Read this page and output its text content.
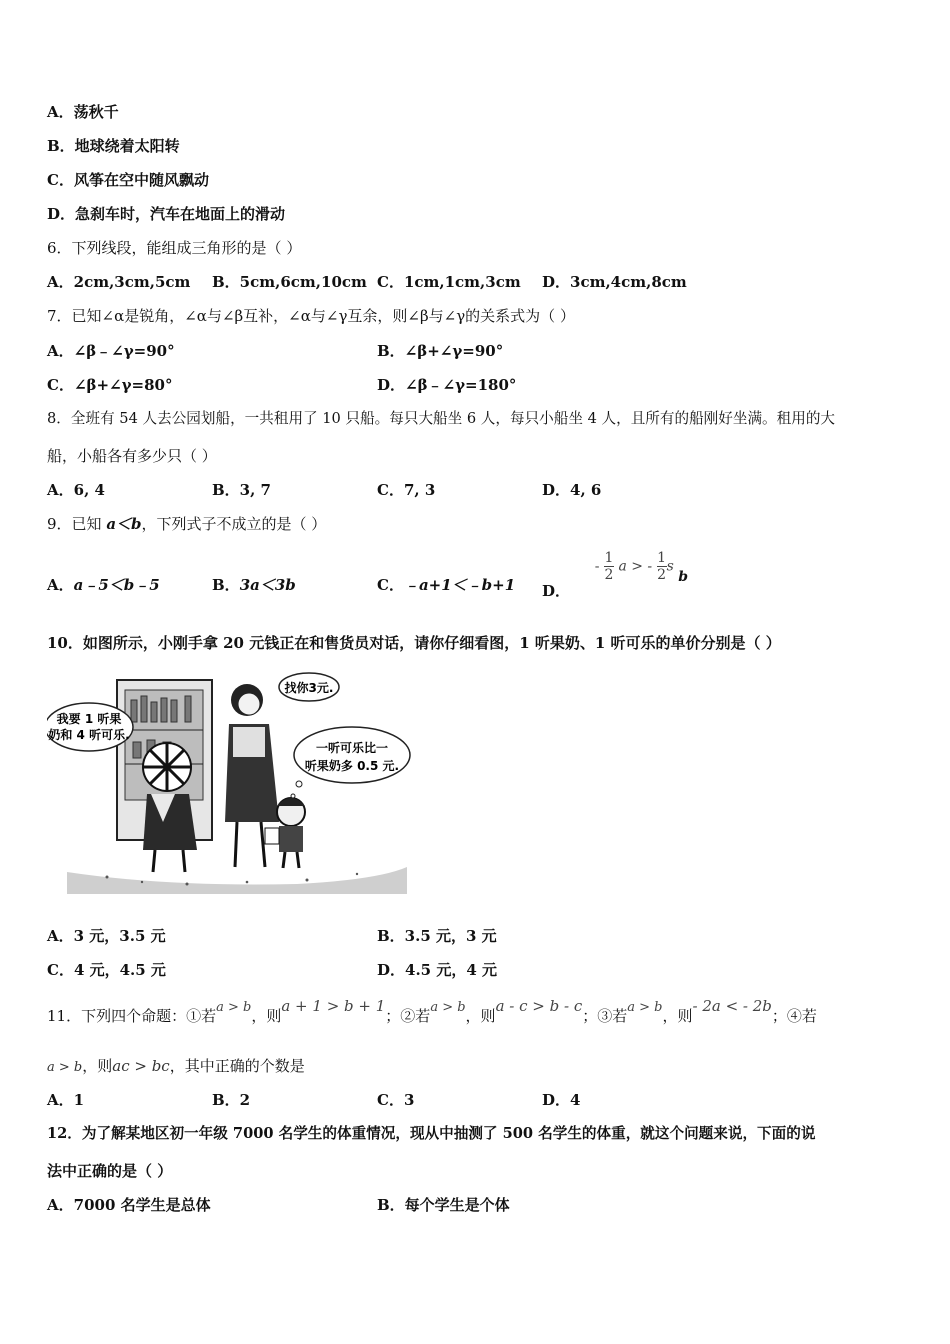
A．荡秋千
B．地球绕着太阳转
C．风筝在空中随风飘动
D．急刹车时，汽车在地面上的滑动
6．下列线段，能组成三角形的是（ ）
A．2cm,3cm,5cm B．5cm,6cm,10cm C．1cm,1cm,3cm D．3cm,4cm,8cm
7．已知∠α是锐角，∠α与∠β互补，∠α与∠γ互余，则∠β与∠γ的关系式为（ ）
A．∠β﹣∠γ=90°	B．∠β+∠γ=90°
C．∠β+∠γ=80°	D．∠β﹣∠γ=180°
8．全班有 54 人去公园划船，一共租用了 10 只船。每只大船坐 6 人，每只小船坐 4 人，且所有的船刚好坐满。租用的大
船，小船各有多少只（ ）
A．6, 4	B．3, 7	C．7, 3	D．4, 6
9．已知 a＜b，下列式子不成立的是（ ）
A．a﹣5＜b﹣5	B．3a＜3b	C．﹣a+1＜﹣b+1 D． - $\frac{1}{2}$ a > - $\frac{1}{2}$ s b
10．如图所示，小刚手拿 20 元钱正在和售货员对话，请你仔细看图，1 听果奶、1 听可乐的单价分别是（ ）
我要 1 听果
奶和 4 听可乐.
找你3元.
一听可乐比一
听果奶多 0.5 元.
A．3 元，3.5 元	B．3.5 元，3 元
C．4 元，4.5 元	D．4.5 元，4 元
11．下列四个命题：①若a > b，则a + 1 > b + 1；②若a > b，则a - c > b - c；③若a > b，则- 2a < - 2b；④若
a > b，则ac > bc，其中正确的个数是
A．1	B．2	C．3	D．4
12．为了解某地区初一年级 7000 名学生的体重情况，现从中抽测了 500 名学生的体重，就这个问题来说，下面的说
法中正确的是（ ）
A．7000 名学生是总体	B．每个学生是个体
